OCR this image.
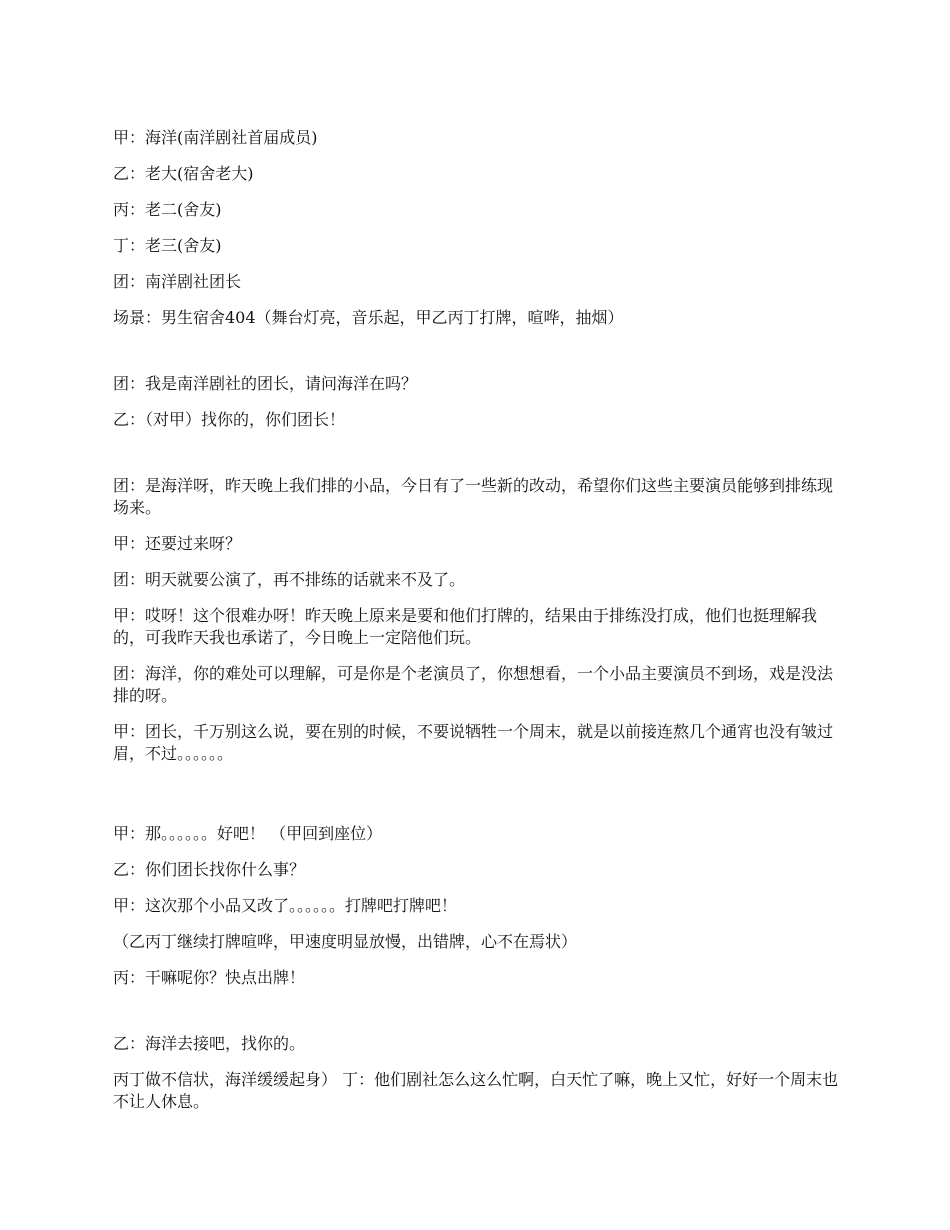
甲：海洋(南洋剧社首届成员)

乙：老大(宿舍老大)

丙：老二(舍友)

丁：老三(舍友)

团：南洋剧社团长

场景：男生宿舍404（舞台灯亮，音乐起，甲乙丙丁打牌，喧哗，抽烟）

团：我是南洋剧社的团长，请问海洋在吗？

乙：（对甲）找你的，你们团长！

团：是海洋呀，昨天晚上我们排的小品，今日有了一些新的改动，希望你们这些主要演员能够到排练现场来。

甲：还要过来呀？

团：明天就要公演了，再不排练的话就来不及了。

甲：哎呀！这个很难办呀！昨天晚上原来是要和他们打牌的，结果由于排练没打成，他们也挺理解我的，可我昨天我也承诺了，今日晚上一定陪他们玩。

团：海洋，你的难处可以理解，可是你是个老演员了，你想想看，一个小品主要演员不到场，戏是没法排的呀。

甲：团长，千万别这么说，要在别的时候，不要说牺牲一个周末，就是以前接连熬几个通宵也没有皱过眉，不过。。。。。。

甲：那。。。。。。好吧！ （甲回到座位）

乙：你们团长找你什么事？

甲：这次那个小品又改了。。。。。。打牌吧打牌吧！

（乙丙丁继续打牌喧哗，甲速度明显放慢，出错牌，心不在焉状）

丙：干嘛呢你？快点出牌！

乙：海洋去接吧，找你的。

丙丁做不信状，海洋缓缓起身） 丁：他们剧社怎么这么忙啊，白天忙了嘛，晚上又忙，好好一个周末也不让人休息。
